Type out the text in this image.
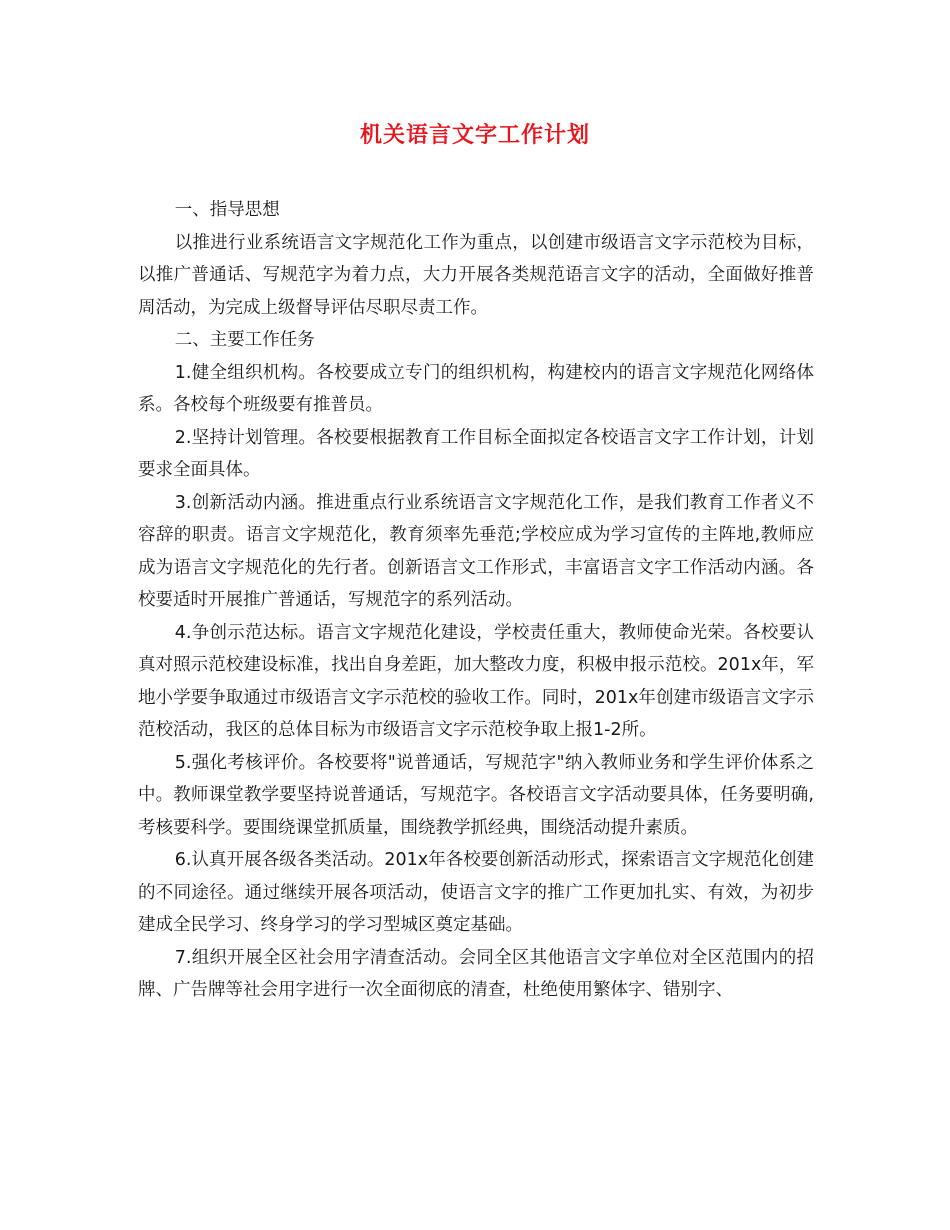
机关语言文字工作计划

一、指导思想

以推进行业系统语言文字规范化工作为重点，以创建市级语言文字示范校为目标，以推广普通话、写规范字为着力点，大力开展各类规范语言文字的活动，全面做好推普周活动，为完成上级督导评估尽职尽责工作。

二、主要工作任务

1.健全组织机构。各校要成立专门的组织机构，构建校内的语言文字规范化网络体系。各校每个班级要有推普员。

2.坚持计划管理。各校要根据教育工作目标全面拟定各校语言文字工作计划，计划要求全面具体。

3.创新活动内涵。推进重点行业系统语言文字规范化工作，是我们教育工作者义不容辞的职责。语言文字规范化，教育须率先垂范;学校应成为学习宣传的主阵地,教师应成为语言文字规范化的先行者。创新语言文工作形式，丰富语言文字工作活动内涵。各校要适时开展推广普通话，写规范字的系列活动。

4.争创示范达标。语言文字规范化建设，学校责任重大，教师使命光荣。各校要认真对照示范校建设标准，找出自身差距，加大整改力度，积极申报示范校。201x年，军地小学要争取通过市级语言文字示范校的验收工作。同时，201x年创建市级语言文字示范校活动，我区的总体目标为市级语言文字示范校争取上报1-2所。

5.强化考核评价。各校要将"说普通话，写规范字"纳入教师业务和学生评价体系之中。教师课堂教学要坚持说普通话，写规范字。各校语言文字活动要具体，任务要明确,考核要科学。要围绕课堂抓质量，围绕教学抓经典，围绕活动提升素质。

6.认真开展各级各类活动。201x年各校要创新活动形式，探索语言文字规范化创建的不同途径。通过继续开展各项活动，使语言文字的推广工作更加扎实、有效，为初步建成全民学习、终身学习的学习型城区奠定基础。

7.组织开展全区社会用字清查活动。会同全区其他语言文字单位对全区范围内的招牌、广告牌等社会用字进行一次全面彻底的清查，杜绝使用繁体字、错别字、
